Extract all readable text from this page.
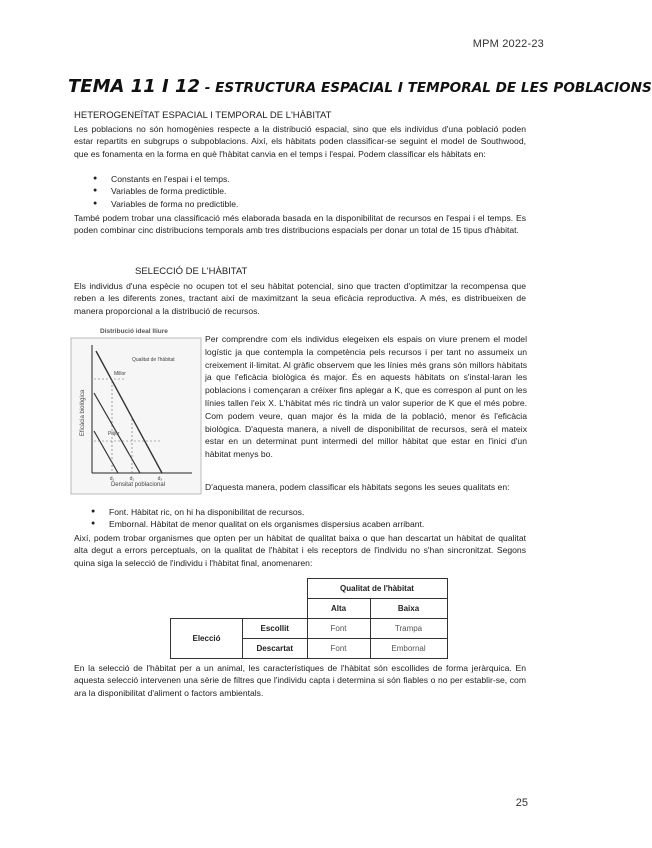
MPM 2022-23
TEMA 11 I 12 - ESTRUCTURA ESPACIAL I TEMPORAL DE LES POBLACIONS
HETEROGENEÏTAT ESPACIAL I TEMPORAL DE L'HÀBITAT

Les poblacions no són homogènies respecte a la distribució espacial, sino que els individus d'una població poden estar repartits en subgrups o subpoblacions. Així, els hàbitats poden classificar-se seguint el model de Southwood, que es fonamenta en la forma en què l'hàbitat canvia en el temps i l'espai. Podem classificar els hàbitats en:

● Constants en l'espai i el temps.
● Variables de forma predictible.
● Variables de forma no predictible.

També podem trobar una classificació més elaborada basada en la disponibilitat de recursos en l'espai i el temps. Es poden combinar cinc distribucions temporals amb tres distribucions espacials per donar un total de 15 tipus d'hàbitat.

SELECCIÓ DE L'HÀBITAT

Els individus d'una espècie no ocupen tot el seu hàbitat potencial, sino que tracten d'optimitzar la recompensa que reben a les diferents zones, tractant així de maximitzant la seua eficàcia reproductiva. A més, es distribueixen de manera proporcional a la distribució de recursos.

Distribució ideal lliure
Eficàcia biològica
Densitat poblacional
Qualitat de l'hàbitat
Millor
Pitjor
d₁	d₂	d₃

Per comprendre com els individus elegeixen els espais on viure prenem el model logístic ja que contempla la competència pels recursos i per tant no assumeix un creixement il·limitat. Al gràfic observem que les línies més grans són millors hàbitats ja que l'eficàcia biològica és major. És en aquests hàbitats on s'instal·laran les poblacions i començaran a créixer fins aplegar a K, que es correspon al punt on les línies tallen l'eix X. L'hàbitat més ric tindrà un valor superior de K que el més pobre. Com podem veure, quan major és la mida de la població, menor és l'eficàcia biològica. D'aquesta manera, a nivell de disponibilitat de recursos, serà el mateix estar en un determinat punt intermedi del millor hàbitat que estar en l'inici d'un hàbitat menys bo.

D'aquesta manera, podem classificar els hàbitats segons les seues qualitats en:

● Font. Hàbitat ric, on hi ha disponibilitat de recursos.
● Embornal. Hàbitat de menor qualitat on els organismes dispersius acaben arribant.

Així, podem trobar organismes que opten per un hàbitat de qualitat baixa o que han descartat un hàbitat de qualitat alta degut a errors perceptuals, on la qualitat de l'hàbitat i els receptors de l'individu no s'han sincronitzat. Segons quina siga la selecció de l'individu i l'hàbitat final, anomenaren:

		Qualitat de l'hàbitat	
		Alta	Baixa
Elecció	Escollit	Font	Trampa
	Descartat	Font	Embornal

En la selecció de l'hàbitat per a un animal, les característiques de l'hàbitat són escollides de forma jeràrquica. En aquesta selecció intervenen una sèrie de filtres que l'individu capta i determina si són fiables o no per establir-se, com ara la disponibilitat d'aliment o factors ambientals.

25
